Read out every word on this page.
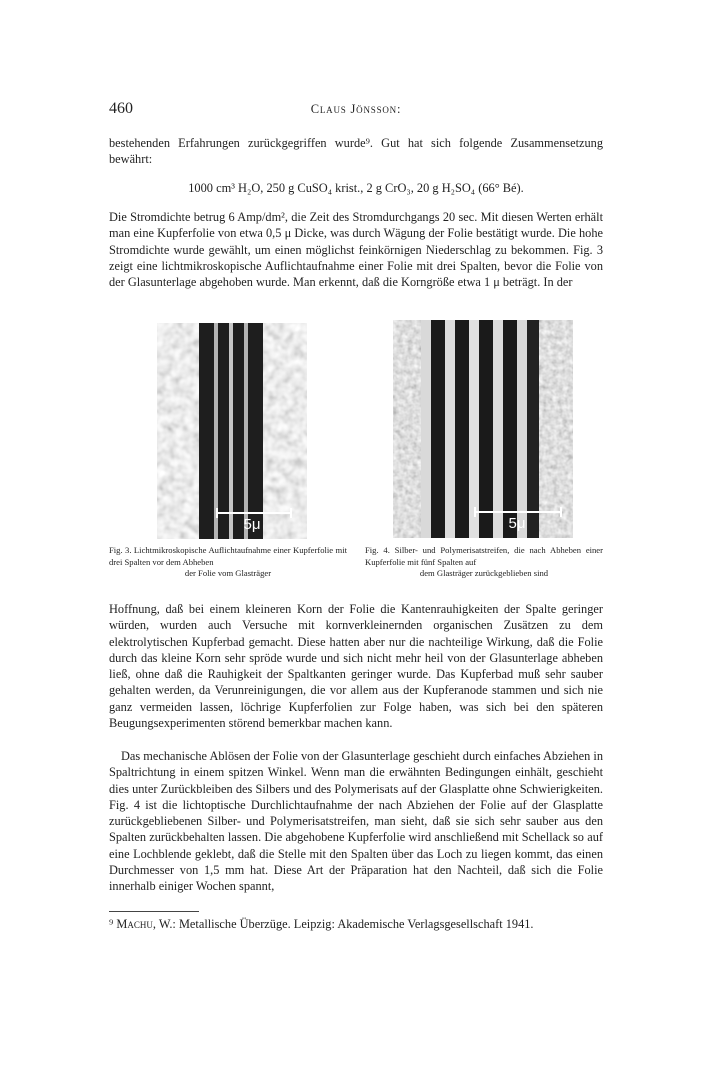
460	Claus Jönsson:

bestehenden Erfahrungen zurückgegriffen wurde⁹. Gut hat sich folgende Zusammensetzung bewährt:

1000 cm³ H₂O, 250 g CuSO₄ krist., 2 g CrO₃, 20 g H₂SO₄ (66° Bé).

Die Stromdichte betrug 6 Amp/dm², die Zeit des Stromdurchgangs 20 sec. Mit diesen Werten erhält man eine Kupferfolie von etwa 0,5 μ Dicke, was durch Wägung der Folie bestätigt wurde. Die hohe Stromdichte wurde gewählt, um einen möglichst feinkörnigen Niederschlag zu bekommen. Fig. 3 zeigt eine lichtmikroskopische Auflichtaufnahme einer Folie mit drei Spalten, bevor die Folie von der Glasunterlage abgehoben wurde. Man erkennt, daß die Korngröße etwa 1 μ beträgt. In der

5μ	5μ
Fig. 3. Lichtmikroskopische Auflichtaufnahme einer Kupferfolie mit drei Spalten vor dem Abheben
der Folie vom Glasträger
Fig. 4. Silber- und Polymerisatstreifen, die nach Abheben einer Kupferfolie mit fünf Spalten auf
dem Glasträger zurückgeblieben sind

Hoffnung, daß bei einem kleineren Korn der Folie die Kantenrauhigkeiten der Spalte geringer würden, wurden auch Versuche mit kornverkleinernden organischen Zusätzen zu dem elektrolytischen Kupferbad gemacht. Diese hatten aber nur die nachteilige Wirkung, daß die Folie durch das kleine Korn sehr spröde wurde und sich nicht mehr heil von der Glasunterlage abheben ließ, ohne daß die Rauhigkeit der Spaltkanten geringer wurde. Das Kupferbad muß sehr sauber gehalten werden, da Verunreinigungen, die vor allem aus der Kupferanode stammen und sich nie ganz vermeiden lassen, löchrige Kupferfolien zur Folge haben, was sich bei den späteren Beugungsexperimenten störend bemerkbar machen kann.

Das mechanische Ablösen der Folie von der Glasunterlage geschieht durch einfaches Abziehen in Spaltrichtung in einem spitzen Winkel. Wenn man die erwähnten Bedingungen einhält, geschieht dies unter Zurückbleiben des Silbers und des Polymerisats auf der Glasplatte ohne Schwierigkeiten. Fig. 4 ist die lichtoptische Durchlichtaufnahme der nach Abziehen der Folie auf der Glasplatte zurückgebliebenen Silber- und Polymerisatstreifen, man sieht, daß sie sich sehr sauber aus den Spalten zurückbehalten lassen. Die abgehobene Kupferfolie wird anschließend mit Schellack so auf eine Lochblende geklebt, daß die Stelle mit den Spalten über das Loch zu liegen kommt, das einen Durchmesser von 1,5 mm hat. Diese Art der Präparation hat den Nachteil, daß sich die Folie innerhalb einiger Wochen spannt,

⁹ Machu, W.: Metallische Überzüge. Leipzig: Akademische Verlagsgesellschaft 1941.
